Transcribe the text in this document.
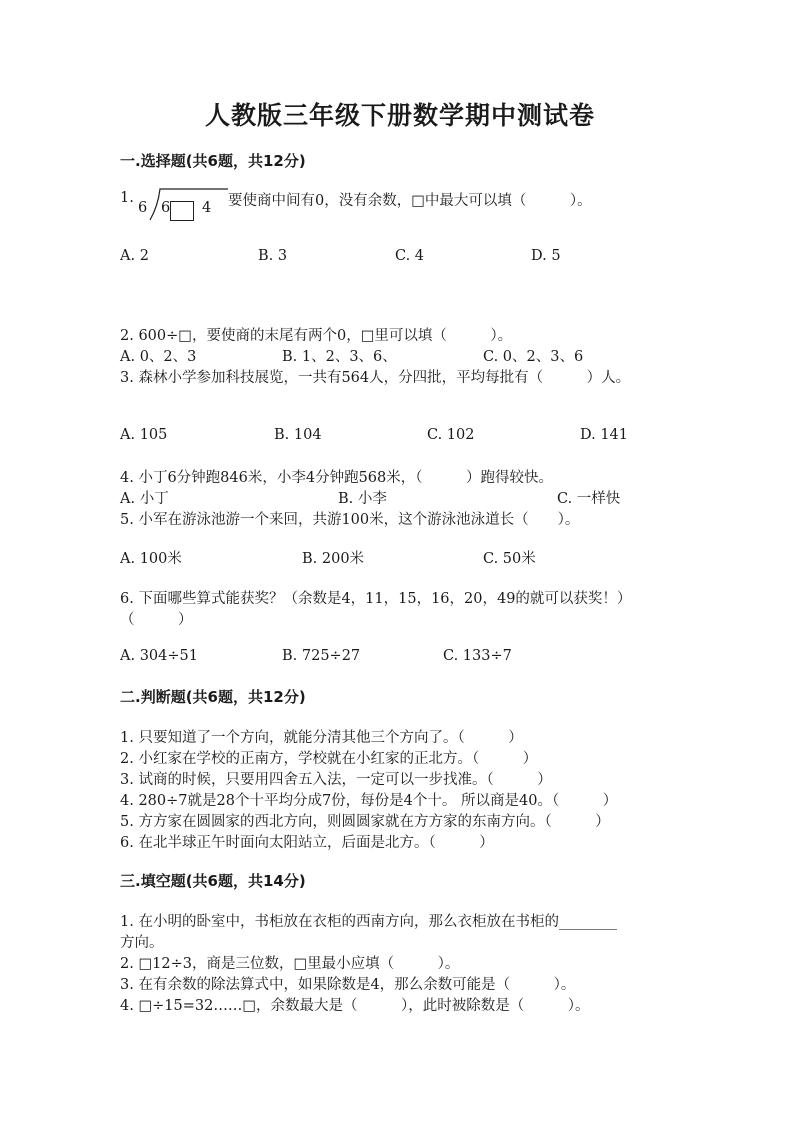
人教版三年级下册数学期中测试卷
一.选择题(共6题，共12分)
1.
6 6 4 要使商中间有0，没有余数，□中最大可以填（　　　）。
A. 2	B. 3	C. 4	D. 5
2. 600÷□，要使商的末尾有两个0，□里可以填（　　　）。
A. 0、2、3	B. 1、2、3、6、	C. 0、2、3、6
3. 森林小学参加科技展览，一共有564人，分四批，平均每批有（　　　）人。
A. 105	B. 104	C. 102	D. 141
4. 小丁6分钟跑846米，小李4分钟跑568米，（　　　）跑得较快。
A. 小丁	B. 小李	C. 一样快
5. 小军在游泳池游一个来回，共游100米，这个游泳池泳道长（　　）。
A. 100米	B. 200米	C. 50米
6. 下面哪些算式能获奖？（余数是4，11，15，16，20，49的就可以获奖！）
（　　　）
A. 304÷51	B. 725÷27	C. 133÷7
二.判断题(共6题，共12分)
1. 只要知道了一个方向，就能分清其他三个方向了。（　　　）
2. 小红家在学校的正南方，学校就在小红家的正北方。（　　　）
3. 试商的时候，只要用四舍五入法，一定可以一步找准。（　　　）
4. 280÷7就是28个十平均分成7份，每份是4个十。 所以商是40。（　　　）
5. 方方家在圆圆家的西北方向，则圆圆家就在方方家的东南方向。（　　　）
6. 在北半球正午时面向太阳站立，后面是北方。（　　　）
三.填空题(共6题，共14分)
1. 在小明的卧室中，书柜放在衣柜的西南方向，那么衣柜放在书柜的________
方向。
2. □12÷3，商是三位数，□里最小应填（　　　）。
3. 在有余数的除法算式中，如果除数是4，那么余数可能是（　　　）。
4. □÷15=32……□，余数最大是（　　　），此时被除数是（　　　）。
